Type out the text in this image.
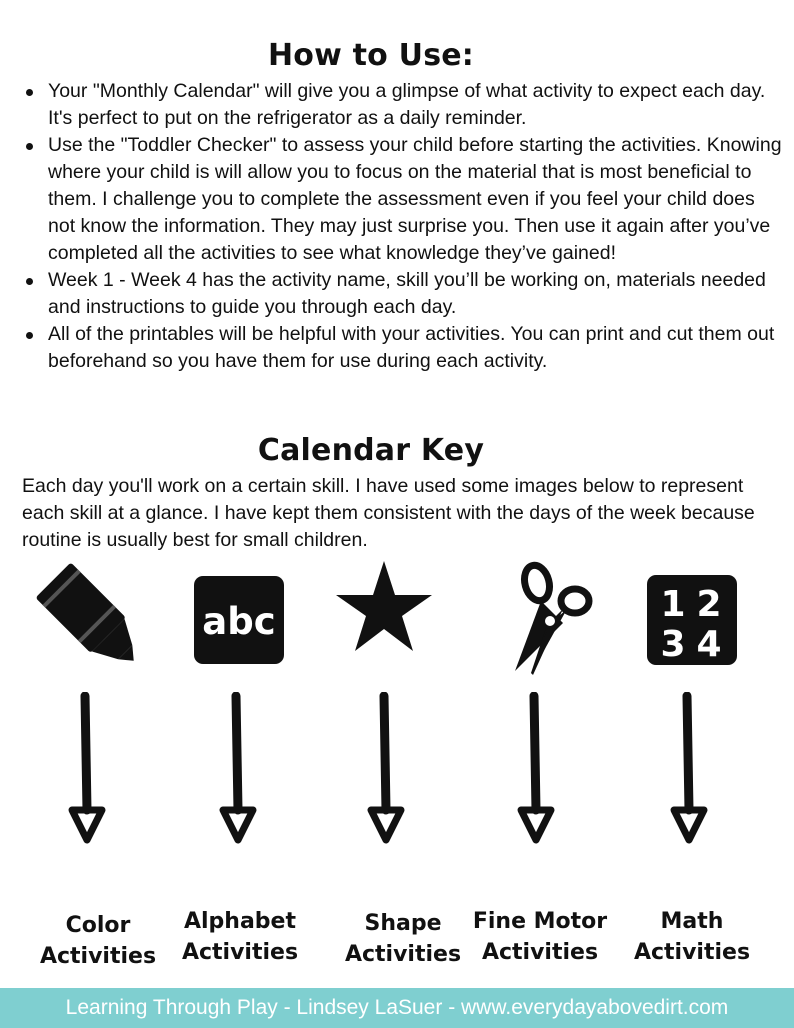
How to Use:
Your "Monthly Calendar" will give you a glimpse of what activity to expect each day. It's perfect to put on the refrigerator as a daily reminder.
Use the "Toddler Checker" to assess your child before starting the activities. Knowing where your child is will allow you to focus on the material that is most beneficial to them. I challenge you to complete the assessment even if you feel your child does not know the information. They may just surprise you. Then use it again after you’ve completed all the activities to see what knowledge they’ve gained!
Week 1 - Week 4 has the activity name, skill you’ll be working on, materials needed and instructions to guide you through each day.
All of the printables will be helpful with your activities. You can print and cut them out beforehand so you have them for use during each activity.
Calendar Key

Each day you'll work on a certain skill. I have used some images below to represent each skill at a glance. I have kept them consistent with the days of the week because routine is usually best for small children.

abc	1 2
3 4
Color
Activities
Alphabet
Activities
Shape
Activities
Fine Motor
Activities
Math
Activities
Learning Through Play - Lindsey LaSuer - www.everydayabovedirt.com
